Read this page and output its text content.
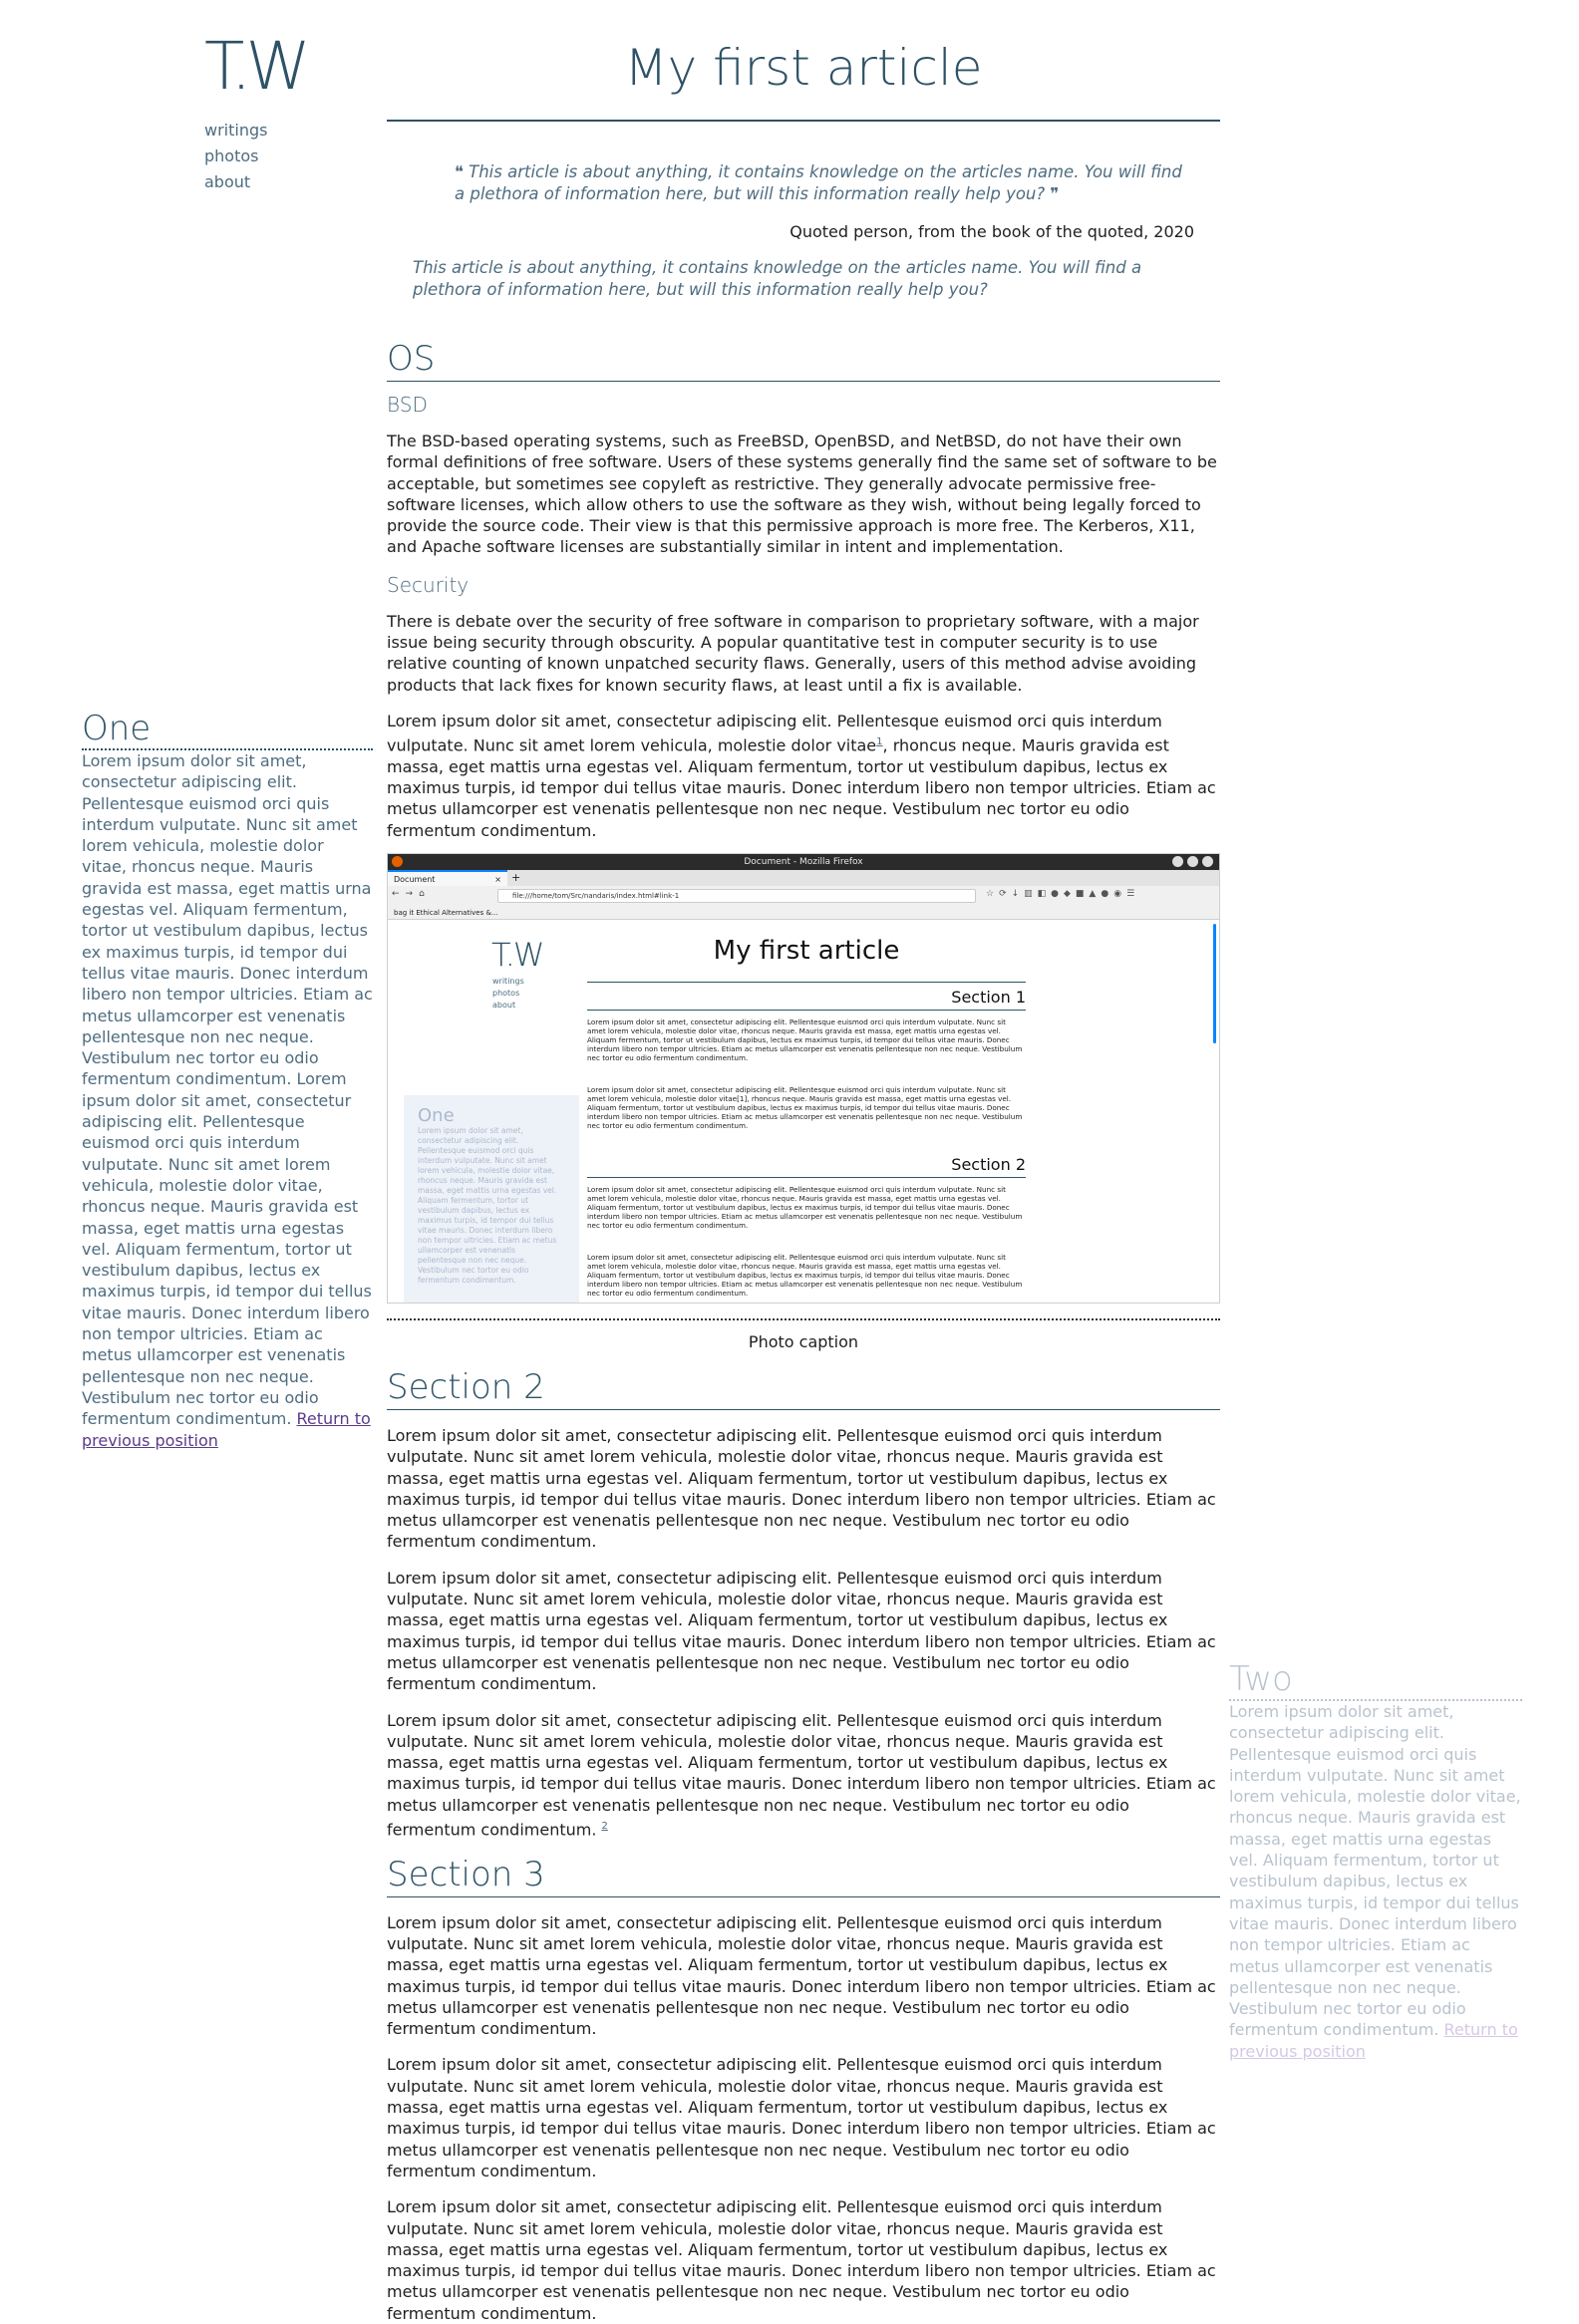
T.W
writings
photos
about
My first article
❝ This article is about anything, it contains knowledge on the articles name. You will find a plethora of information here, but will this information really help you? ❞
Quoted person, from the book of the quoted, 2020
This article is about anything, it contains knowledge on the articles name. You will find a plethora of information here, but will this information really help you?
OS
BSD

The BSD-based operating systems, such as FreeBSD, OpenBSD, and NetBSD, do not have their own formal definitions of free software. Users of these systems generally find the same set of software to be acceptable, but sometimes see copyleft as restrictive. They generally advocate permissive free-software licenses, which allow others to use the software as they wish, without being legally forced to provide the source code. Their view is that this permissive approach is more free. The Kerberos, X11, and Apache software licenses are substantially similar in intent and implementation.

Security

There is debate over the security of free software in comparison to proprietary software, with a major issue being security through obscurity. A popular quantitative test in computer security is to use relative counting of known unpatched security flaws. Generally, users of this method advise avoiding products that lack fixes for known security flaws, at least until a fix is available.

Lorem ipsum dolor sit amet, consectetur adipiscing elit. Pellentesque euismod orci quis interdum vulputate. Nunc sit amet lorem vehicula, molestie dolor vitae$^1$, rhoncus neque. Mauris gravida est massa, eget mattis urna egestas vel. Aliquam fermentum, tortor ut vestibulum dapibus, lectus ex maximus turpis, id tempor dui tellus vitae mauris. Donec interdum libero non tempor ultricies. Etiam ac metus ullamcorper est venenatis pellentesque non nec neque. Vestibulum nec tortor eu odio fermentum condimentum.

Document - Mozilla Firefox
Document	× +
←→⌂	file:///home/tom/Src/nandaris/index.html#link-1	☆⟳↓▥◧●◆■▲●◉☰
bag it Ethical Alternatives &...
T.W
writings
photos
about
My first article
Section 1
Lorem ipsum dolor sit amet, consectetur adipiscing elit. Pellentesque euismod orci quis interdum vulputate. Nunc sit amet lorem vehicula, molestie dolor vitae, rhoncus neque. Mauris gravida est massa, eget mattis urna egestas vel. Aliquam fermentum, tortor ut vestibulum dapibus, lectus ex maximus turpis, id tempor dui tellus vitae mauris. Donec interdum libero non tempor ultricies. Etiam ac metus ullamcorper est venenatis pellentesque non nec neque. Vestibulum nec tortor eu odio fermentum condimentum.
Lorem ipsum dolor sit amet, consectetur adipiscing elit. Pellentesque euismod orci quis interdum vulputate. Nunc sit amet lorem vehicula, molestie dolor vitae[1], rhoncus neque. Mauris gravida est massa, eget mattis urna egestas vel. Aliquam fermentum, tortor ut vestibulum dapibus, lectus ex maximus turpis, id tempor dui tellus vitae mauris. Donec interdum libero non tempor ultricies. Etiam ac metus ullamcorper est venenatis pellentesque non nec neque. Vestibulum nec tortor eu odio fermentum condimentum.
Section 2
Lorem ipsum dolor sit amet, consectetur adipiscing elit. Pellentesque euismod orci quis interdum vulputate. Nunc sit amet lorem vehicula, molestie dolor vitae, rhoncus neque. Mauris gravida est massa, eget mattis urna egestas vel. Aliquam fermentum, tortor ut vestibulum dapibus, lectus ex maximus turpis, id tempor dui tellus vitae mauris. Donec interdum libero non tempor ultricies. Etiam ac metus ullamcorper est venenatis pellentesque non nec neque. Vestibulum nec tortor eu odio fermentum condimentum.
Lorem ipsum dolor sit amet, consectetur adipiscing elit. Pellentesque euismod orci quis interdum vulputate. Nunc sit amet lorem vehicula, molestie dolor vitae, rhoncus neque. Mauris gravida est massa, eget mattis urna egestas vel. Aliquam fermentum, tortor ut vestibulum dapibus, lectus ex maximus turpis, id tempor dui tellus vitae mauris. Donec interdum libero non tempor ultricies. Etiam ac metus ullamcorper est venenatis pellentesque non nec neque. Vestibulum nec tortor eu odio fermentum condimentum.
One
Lorem ipsum dolor sit amet, consectetur adipiscing elit. Pellentesque euismod orci quis interdum vulputate. Nunc sit amet lorem vehicula, molestie dolor vitae, rhoncus neque. Mauris gravida est massa, eget mattis urna egestas vel. Aliquam fermentum, tortor ut vestibulum dapibus, lectus ex maximus turpis, id tempor dui tellus vitae mauris. Donec interdum libero non tempor ultricies. Etiam ac metus ullamcorper est venenatis pellentesque non nec neque. Vestibulum nec tortor eu odio fermentum condimentum.
Photo caption
Section 2

Lorem ipsum dolor sit amet, consectetur adipiscing elit. Pellentesque euismod orci quis interdum vulputate. Nunc sit amet lorem vehicula, molestie dolor vitae, rhoncus neque. Mauris gravida est massa, eget mattis urna egestas vel. Aliquam fermentum, tortor ut vestibulum dapibus, lectus ex maximus turpis, id tempor dui tellus vitae mauris. Donec interdum libero non tempor ultricies. Etiam ac metus ullamcorper est venenatis pellentesque non nec neque. Vestibulum nec tortor eu odio fermentum condimentum.

Lorem ipsum dolor sit amet, consectetur adipiscing elit. Pellentesque euismod orci quis interdum vulputate. Nunc sit amet lorem vehicula, molestie dolor vitae, rhoncus neque. Mauris gravida est massa, eget mattis urna egestas vel. Aliquam fermentum, tortor ut vestibulum dapibus, lectus ex maximus turpis, id tempor dui tellus vitae mauris. Donec interdum libero non tempor ultricies. Etiam ac metus ullamcorper est venenatis pellentesque non nec neque. Vestibulum nec tortor eu odio fermentum condimentum.

Lorem ipsum dolor sit amet, consectetur adipiscing elit. Pellentesque euismod orci quis interdum vulputate. Nunc sit amet lorem vehicula, molestie dolor vitae, rhoncus neque. Mauris gravida est massa, eget mattis urna egestas vel. Aliquam fermentum, tortor ut vestibulum dapibus, lectus ex maximus turpis, id tempor dui tellus vitae mauris. Donec interdum libero non tempor ultricies. Etiam ac metus ullamcorper est venenatis pellentesque non nec neque. Vestibulum nec tortor eu odio fermentum condimentum. $^2$

Section 3

Lorem ipsum dolor sit amet, consectetur adipiscing elit. Pellentesque euismod orci quis interdum vulputate. Nunc sit amet lorem vehicula, molestie dolor vitae, rhoncus neque. Mauris gravida est massa, eget mattis urna egestas vel. Aliquam fermentum, tortor ut vestibulum dapibus, lectus ex maximus turpis, id tempor dui tellus vitae mauris. Donec interdum libero non tempor ultricies. Etiam ac metus ullamcorper est venenatis pellentesque non nec neque. Vestibulum nec tortor eu odio fermentum condimentum.

Lorem ipsum dolor sit amet, consectetur adipiscing elit. Pellentesque euismod orci quis interdum vulputate. Nunc sit amet lorem vehicula, molestie dolor vitae, rhoncus neque. Mauris gravida est massa, eget mattis urna egestas vel. Aliquam fermentum, tortor ut vestibulum dapibus, lectus ex maximus turpis, id tempor dui tellus vitae mauris. Donec interdum libero non tempor ultricies. Etiam ac metus ullamcorper est venenatis pellentesque non nec neque. Vestibulum nec tortor eu odio fermentum condimentum.

Lorem ipsum dolor sit amet, consectetur adipiscing elit. Pellentesque euismod orci quis interdum vulputate. Nunc sit amet lorem vehicula, molestie dolor vitae, rhoncus neque. Mauris gravida est massa, eget mattis urna egestas vel. Aliquam fermentum, tortor ut vestibulum dapibus, lectus ex maximus turpis, id tempor dui tellus vitae mauris. Donec interdum libero non tempor ultricies. Etiam ac metus ullamcorper est venenatis pellentesque non nec neque. Vestibulum nec tortor eu odio fermentum condimentum.

One
Lorem ipsum dolor sit amet, consectetur adipiscing elit. Pellentesque euismod orci quis interdum vulputate. Nunc sit amet lorem vehicula, molestie dolor vitae, rhoncus neque. Mauris gravida est massa, eget mattis urna egestas vel. Aliquam fermentum, tortor ut vestibulum dapibus, lectus ex maximus turpis, id tempor dui tellus vitae mauris. Donec interdum libero non tempor ultricies. Etiam ac metus ullamcorper est venenatis pellentesque non nec neque. Vestibulum nec tortor eu odio fermentum condimentum. Lorem ipsum dolor sit amet, consectetur adipiscing elit. Pellentesque euismod orci quis interdum vulputate. Nunc sit amet lorem vehicula, molestie dolor vitae, rhoncus neque. Mauris gravida est massa, eget mattis urna egestas vel. Aliquam fermentum, tortor ut vestibulum dapibus, lectus ex maximus turpis, id tempor dui tellus vitae mauris. Donec interdum libero non tempor ultricies. Etiam ac metus ullamcorper est venenatis pellentesque non nec neque. Vestibulum nec tortor eu odio fermentum condimentum. Return to previous position
Two
Lorem ipsum dolor sit amet, consectetur adipiscing elit. Pellentesque euismod orci quis interdum vulputate. Nunc sit amet lorem vehicula, molestie dolor vitae, rhoncus neque. Mauris gravida est massa, eget mattis urna egestas vel. Aliquam fermentum, tortor ut vestibulum dapibus, lectus ex maximus turpis, id tempor dui tellus vitae mauris. Donec interdum libero non tempor ultricies. Etiam ac metus ullamcorper est venenatis pellentesque non nec neque. Vestibulum nec tortor eu odio fermentum condimentum. Return to previous position
